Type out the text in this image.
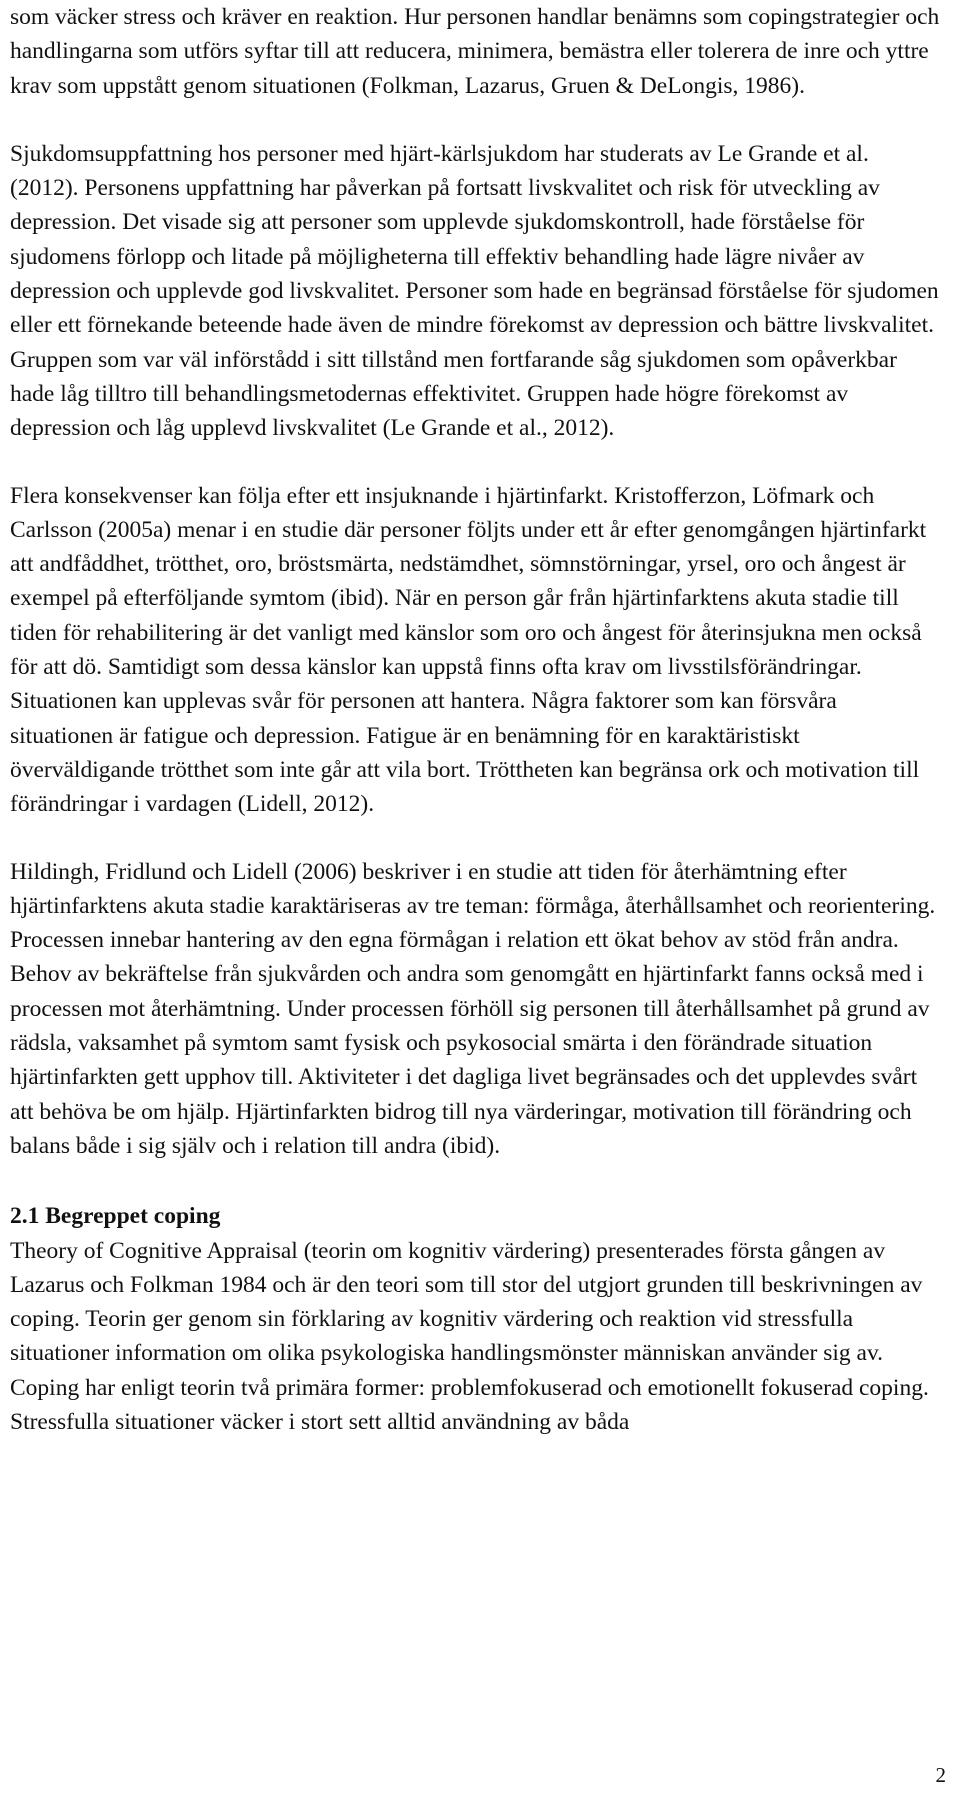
som väcker stress och kräver en reaktion. Hur personen handlar benämns som copingstrategier och handlingarna som utförs syftar till att reducera, minimera, bemästra eller tolerera de inre och yttre krav som uppstått genom situationen (Folkman, Lazarus, Gruen & DeLongis, 1986).

Sjukdomsuppfattning hos personer med hjärt-kärlsjukdom har studerats av Le Grande et al. (2012). Personens uppfattning har påverkan på fortsatt livskvalitet och risk för utveckling av depression. Det visade sig att personer som upplevde sjukdomskontroll, hade förståelse för sjudomens förlopp och litade på möjligheterna till effektiv behandling hade lägre nivåer av depression och upplevde god livskvalitet. Personer som hade en begränsad förståelse för sjudomen eller ett förnekande beteende hade även de mindre förekomst av depression och bättre livskvalitet. Gruppen som var väl införstådd i sitt tillstånd men fortfarande såg sjukdomen som opåverkbar hade låg tilltro till behandlingsmetodernas effektivitet. Gruppen hade högre förekomst av depression och låg upplevd livskvalitet (Le Grande et al., 2012).

Flera konsekvenser kan följa efter ett insjuknande i hjärtinfarkt. Kristofferzon, Löfmark och Carlsson (2005a) menar i en studie där personer följts under ett år efter genomgången hjärtinfarkt att andfåddhet, trötthet, oro, bröstsmärta, nedstämdhet, sömnstörningar, yrsel, oro och ångest är exempel på efterföljande symtom (ibid). När en person går från hjärtinfarktens akuta stadie till tiden för rehabilitering är det vanligt med känslor som oro och ångest för återinsjukna men också för att dö. Samtidigt som dessa känslor kan uppstå finns ofta krav om livsstilsförändringar. Situationen kan upplevas svår för personen att hantera. Några faktorer som kan försvåra situationen är fatigue och depression. Fatigue är en benämning för en karaktäristiskt överväldigande trötthet som inte går att vila bort. Tröttheten kan begränsa ork och motivation till förändringar i vardagen (Lidell, 2012).

Hildingh, Fridlund och Lidell (2006) beskriver i en studie att tiden för återhämtning efter hjärtinfarktens akuta stadie karaktäriseras av tre teman: förmåga, återhållsamhet och reorientering. Processen innebar hantering av den egna förmågan i relation ett ökat behov av stöd från andra. Behov av bekräftelse från sjukvården och andra som genomgått en hjärtinfarkt fanns också med i processen mot återhämtning. Under processen förhöll sig personen till återhållsamhet på grund av rädsla, vaksamhet på symtom samt fysisk och psykosocial smärta i den förändrade situation hjärtinfarkten gett upphov till. Aktiviteter i det dagliga livet begränsades och det upplevdes svårt att behöva be om hjälp. Hjärtinfarkten bidrog till nya värderingar, motivation till förändring och balans både i sig själv och i relation till andra (ibid).

2.1 Begreppet coping

Theory of Cognitive Appraisal (teorin om kognitiv värdering) presenterades första gången av Lazarus och Folkman 1984 och är den teori som till stor del utgjort grunden till beskrivningen av coping. Teorin ger genom sin förklaring av kognitiv värdering och reaktion vid stressfulla situationer information om olika psykologiska handlingsmönster människan använder sig av. Coping har enligt teorin två primära former: problemfokuserad och emotionellt fokuserad coping. Stressfulla situationer väcker i stort sett alltid användning av båda

2
